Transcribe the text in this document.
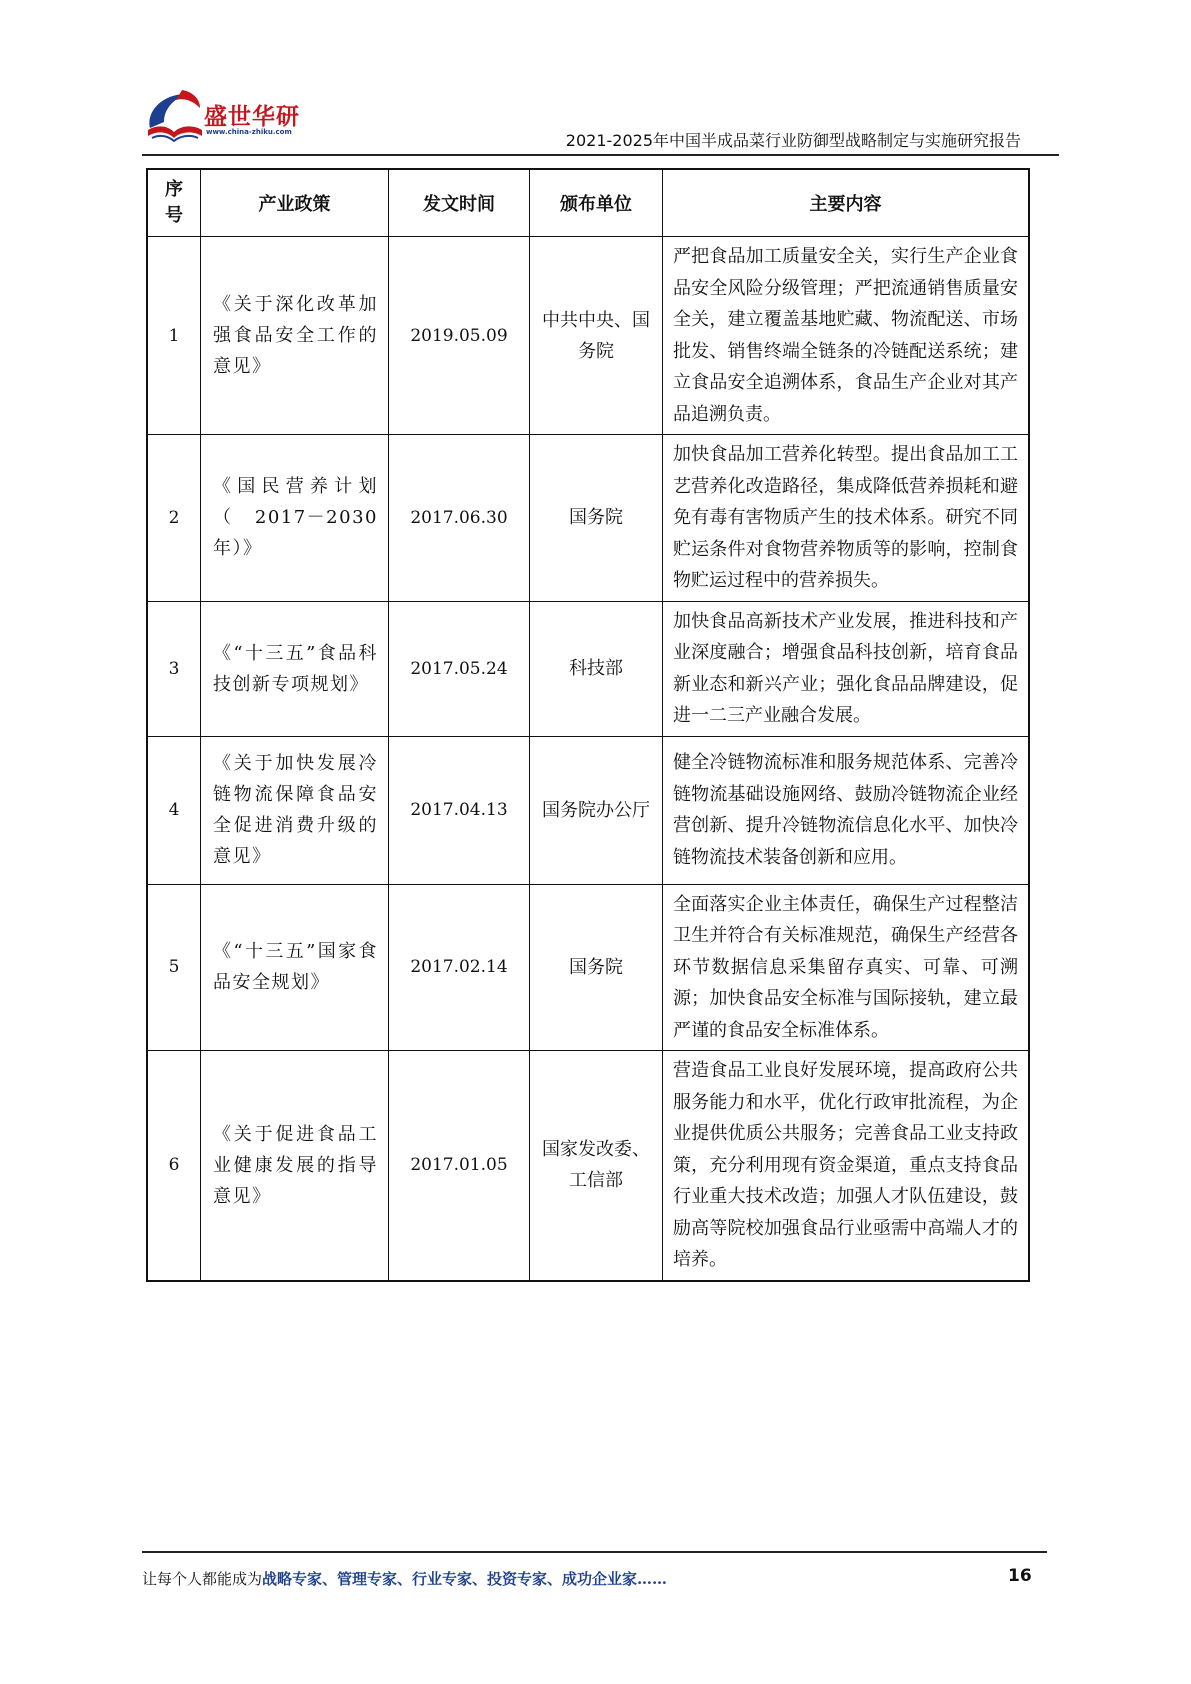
盛世华研
www.china-zhiku.com	2021-2025年中国半成品菜行业防御型战略制定与实施研究报告
序号	产业政策	发文时间	颁布单位	主要内容
1	《关于深化改革加强食品安全工作的意见》	2019.05.09	中共中央、国务院	严把食品加工质量安全关，实行生产企业食品安全风险分级管理；严把流通销售质量安全关，建立覆盖基地贮藏、物流配送、市场批发、销售终端全链条的冷链配送系统；建立食品安全追溯体系，食品生产企业对其产品追溯负责。
2	《国民营养计划（2017－2030年）》	2017.06.30	国务院	加快食品加工营养化转型。提出食品加工工艺营养化改造路径，集成降低营养损耗和避免有毒有害物质产生的技术体系。研究不同贮运条件对食物营养物质等的影响，控制食物贮运过程中的营养损失。
3	《“十三五”食品科技创新专项规划》	2017.05.24	科技部	加快食品高新技术产业发展，推进科技和产业深度融合；增强食品科技创新，培育食品新业态和新兴产业；强化食品品牌建设，促进一二三产业融合发展。
4	《关于加快发展冷链物流保障食品安全促进消费升级的意见》	2017.04.13	国务院办公厅	健全冷链物流标准和服务规范体系、完善冷链物流基础设施网络、鼓励冷链物流企业经营创新、提升冷链物流信息化水平、加快冷链物流技术装备创新和应用。
5	《“十三五”国家食品安全规划》	2017.02.14	国务院	全面落实企业主体责任，确保生产过程整洁卫生并符合有关标准规范，确保生产经营各环节数据信息采集留存真实、可靠、可溯源；加快食品安全标准与国际接轨，建立最严谨的食品安全标准体系。
6	《关于促进食品工业健康发展的指导意见》	2017.01.05	国家发改委、工信部	营造食品工业良好发展环境，提高政府公共服务能力和水平，优化行政审批流程，为企业提供优质公共服务；完善食品工业支持政策，充分利用现有资金渠道，重点支持食品行业重大技术改造；加强人才队伍建设，鼓励高等院校加强食品行业亟需中高端人才的培养。
让每个人都能成为战略专家、管理专家、行业专家、投资专家、成功企业家……	16
